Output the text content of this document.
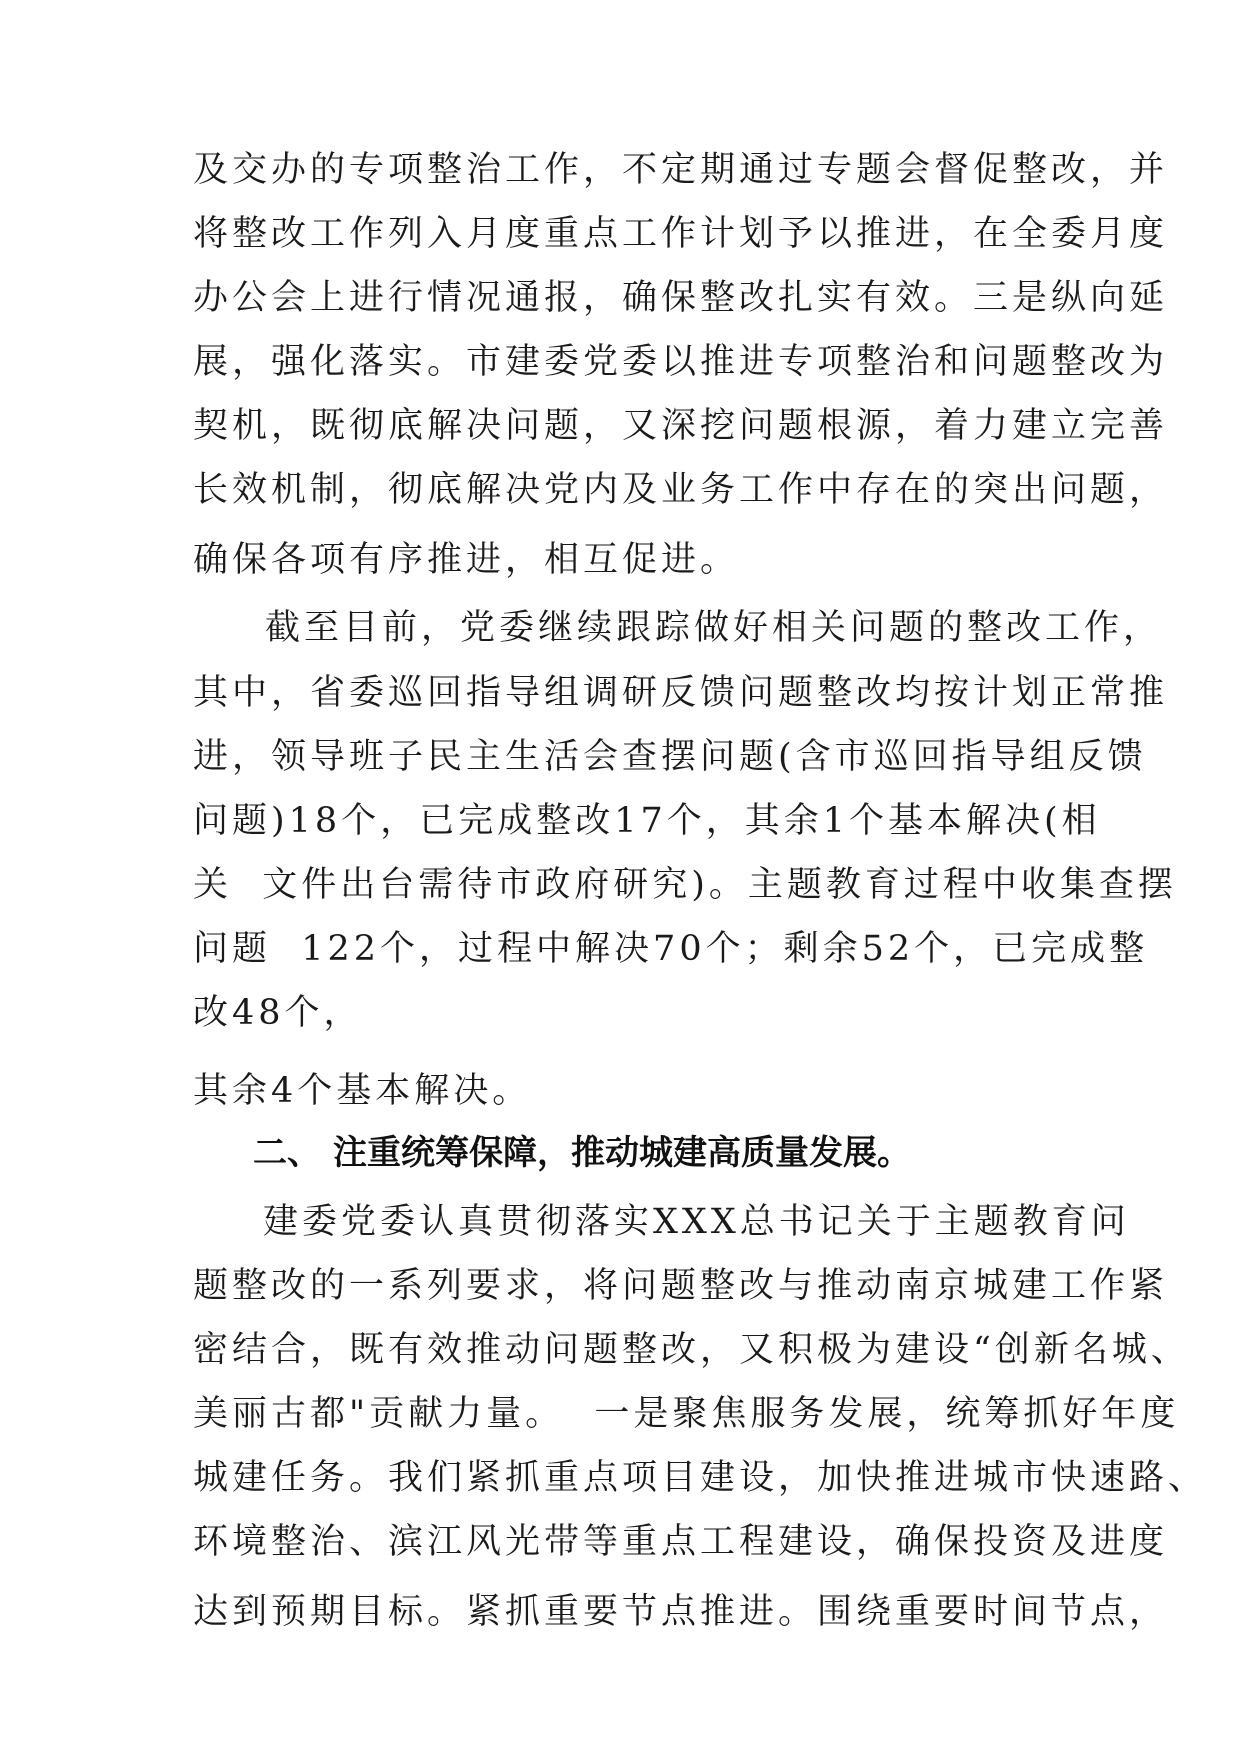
及交办的专项整治工作，不定期通过专题会督促整改，并
将整改工作列入月度重点工作计划予以推进，在全委月度
办公会上进行情况通报，确保整改扎实有效。三是纵向延
展，强化落实。市建委党委以推进专项整治和问题整改为
契机，既彻底解决问题，又深挖问题根源，着力建立完善
长效机制，彻底解决党内及业务工作中存在的突出问题，
确保各项有序推进，相互促进。
截至目前，党委继续跟踪做好相关问题的整改工作，
其中，省委巡回指导组调研反馈问题整改均按计划正常推
进，领导班子民主生活会查摆问题(含市巡回指导组反馈
问题)18个，已完成整改17个，其余1个基本解决(相
关  文件出台需待市政府研究)。主题教育过程中收集查摆
问题  122个，过程中解决70个；剩余52个，已完成整
改48个，
其余4个基本解决。
二、 注重统筹保障，推动城建高质量发展。
建委党委认真贯彻落实XXX总书记关于主题教育问
题整改的一系列要求，将问题整改与推动南京城建工作紧
密结合，既有效推动问题整改，又积极为建设“创新名城、
美丽古都"贡献力量。  一是聚焦服务发展，统筹抓好年度
城建任务。我们紧抓重点项目建设，加快推进城市快速路、
环境整治、滨江风光带等重点工程建设，确保投资及进度
达到预期目标。紧抓重要节点推进。围绕重要时间节点，
